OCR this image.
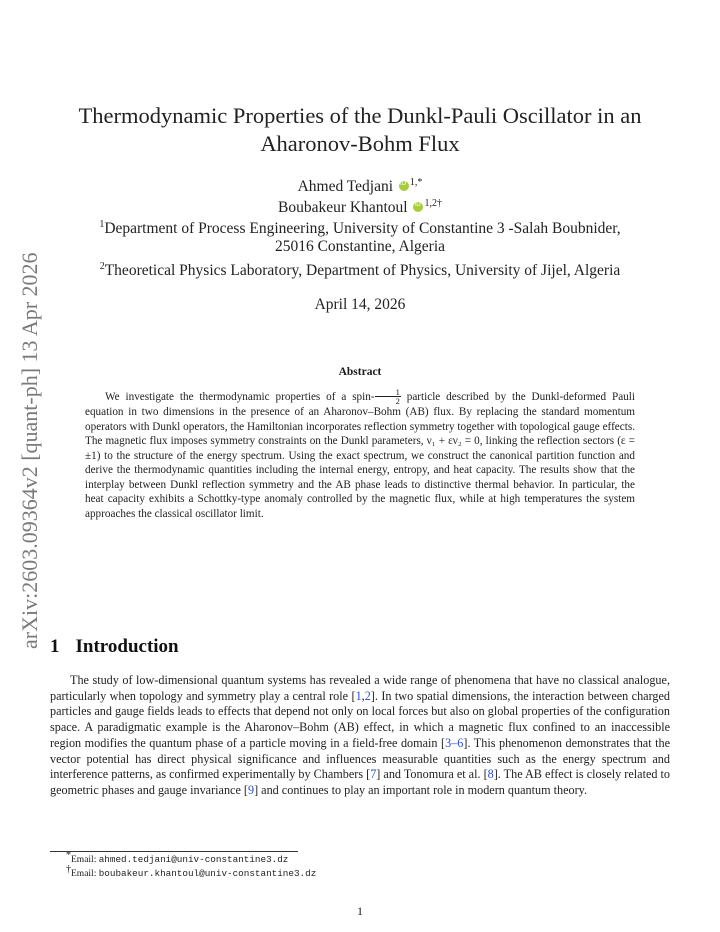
arXiv:2603.09364v2 [quant-ph] 13 Apr 2026
Thermodynamic Properties of the Dunkl-Pauli Oscillator in an
Aharonov-Bohm Flux
Ahmed Tedjani iD $^{1,*}$
Boubakeur Khantoul iD $^{1,2\dagger}$
$^1$Department of Process Engineering, University of Constantine 3 -Salah Boubnider,
25016 Constantine, Algeria
$^2$Theoretical Physics Laboratory, Department of Physics, University of Jijel, Algeria
April 14, 2026
Abstract
We investigate the thermodynamic properties of a spin- $\frac{1}{2}$ particle described by the Dunkl-deformed Pauli equation in two dimensions in the presence of an Aharonov–Bohm (AB) flux. By replacing the standard momentum operators with Dunkl operators, the Hamiltonian incorporates reflection symmetry together with topological gauge effects. The magnetic flux imposes symmetry constraints on the Dunkl parameters, ν₁ + εν₂ = 0, linking the reflection sectors (ε = ±1) to the structure of the energy spectrum. Using the exact spectrum, we construct the canonical partition function and derive the thermodynamic quantities including the internal energy, entropy, and heat capacity. The results show that the interplay between Dunkl reflection symmetry and the AB phase leads to distinctive thermal behavior. In particular, the heat capacity exhibits a Schottky-type anomaly controlled by the magnetic flux, while at high temperatures the system approaches the classical oscillator limit.
1 Introduction
The study of low-dimensional quantum systems has revealed a wide range of phenomena that have no classical analogue, particularly when topology and symmetry play a central role [1,2]. In two spatial dimensions, the interaction between charged particles and gauge fields leads to effects that depend not only on local forces but also on global properties of the configuration space. A paradigmatic example is the Aharonov–Bohm (AB) effect, in which a magnetic flux confined to an inaccessible region modifies the quantum phase of a particle moving in a field-free domain [3–6]. This phenomenon demonstrates that the vector potential has direct physical significance and influences measurable quantities such as the energy spectrum and interference patterns, as confirmed experimentally by Chambers [7] and Tonomura et al. [8]. The AB effect is closely related to geometric phases and gauge invariance [9] and continues to play an important role in modern quantum theory.
*Email: ahmed.tedjani@univ-constantine3.dz
†Email: boubakeur.khantoul@univ-constantine3.dz
1
